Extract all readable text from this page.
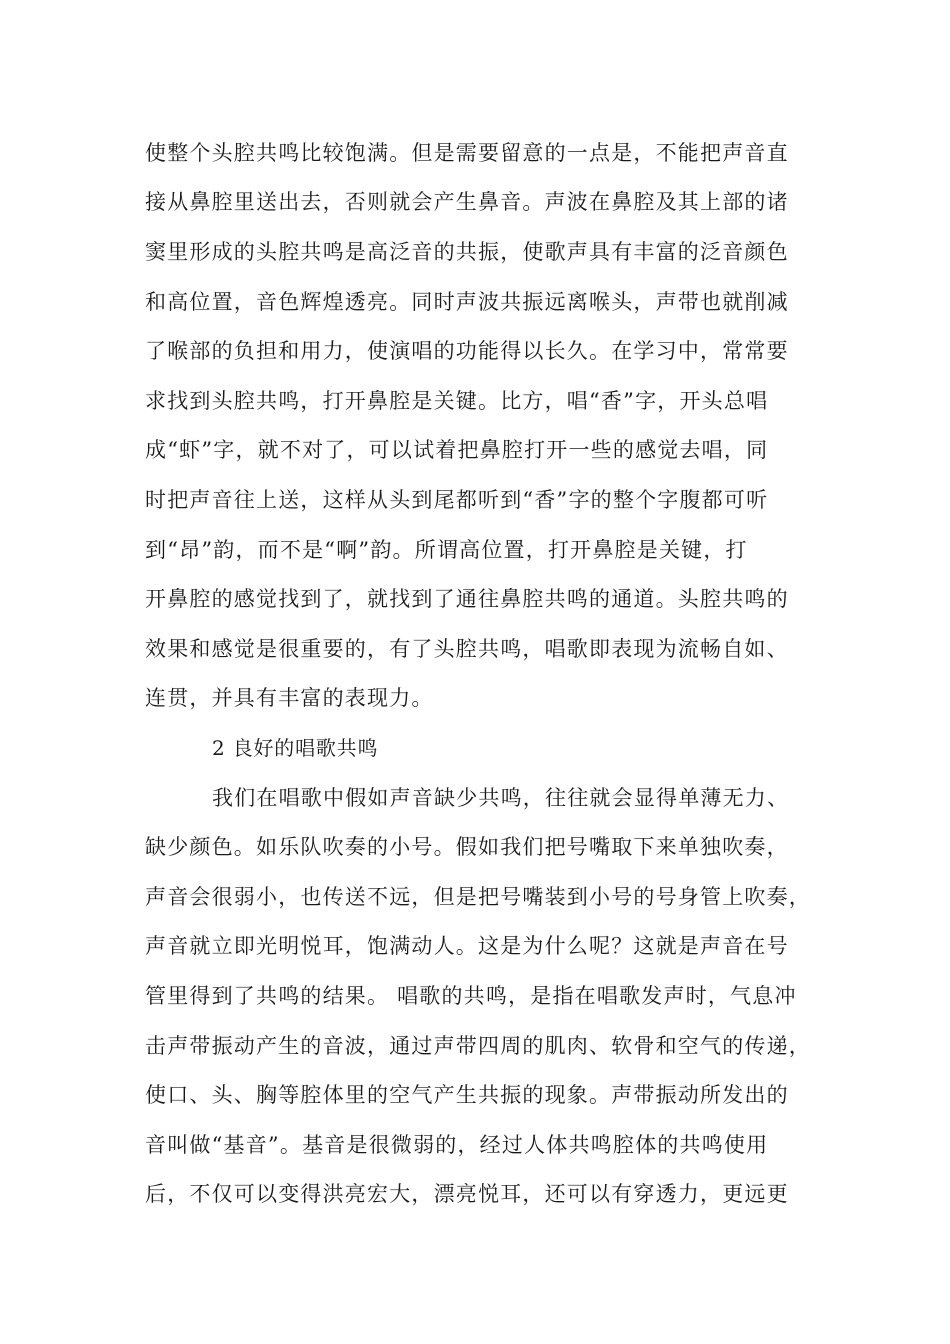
使整个头腔共鸣比较饱满。但是需要留意的一点是，不能把声音直
接从鼻腔里送出去，否则就会产生鼻音。声波在鼻腔及其上部的诸
窦里形成的头腔共鸣是高泛音的共振，使歌声具有丰富的泛音颜色
和高位置，音色辉煌透亮。同时声波共振远离喉头，声带也就削减
了喉部的负担和用力，使演唱的功能得以长久。在学习中，常常要
求找到头腔共鸣，打开鼻腔是关键。比方，唱“香”字，开头总唱
成“虾”字，就不对了，可以试着把鼻腔打开一些的感觉去唱，同
时把声音往上送，这样从头到尾都听到“香”字的整个字腹都可听
到“昂”韵，而不是“啊”韵。所谓高位置，打开鼻腔是关键，打
开鼻腔的感觉找到了，就找到了通往鼻腔共鸣的通道。头腔共鸣的
效果和感觉是很重要的，有了头腔共鸣，唱歌即表现为流畅自如、
连贯，并具有丰富的表现力。
2 良好的唱歌共鸣
我们在唱歌中假如声音缺少共鸣，往往就会显得单薄无力、
缺少颜色。如乐队吹奏的小号。假如我们把号嘴取下来单独吹奏，
声音会很弱小，也传送不远，但是把号嘴装到小号的号身管上吹奏，
声音就立即光明悦耳，饱满动人。这是为什么呢？这就是声音在号
管里得到了共鸣的结果。 唱歌的共鸣，是指在唱歌发声时，气息冲
击声带振动产生的音波，通过声带四周的肌肉、软骨和空气的传递，
使口、头、胸等腔体里的空气产生共振的现象。声带振动所发出的
音叫做“基音”。基音是很微弱的，经过人体共鸣腔体的共鸣使用
后，不仅可以变得洪亮宏大，漂亮悦耳，还可以有穿透力，更远更
